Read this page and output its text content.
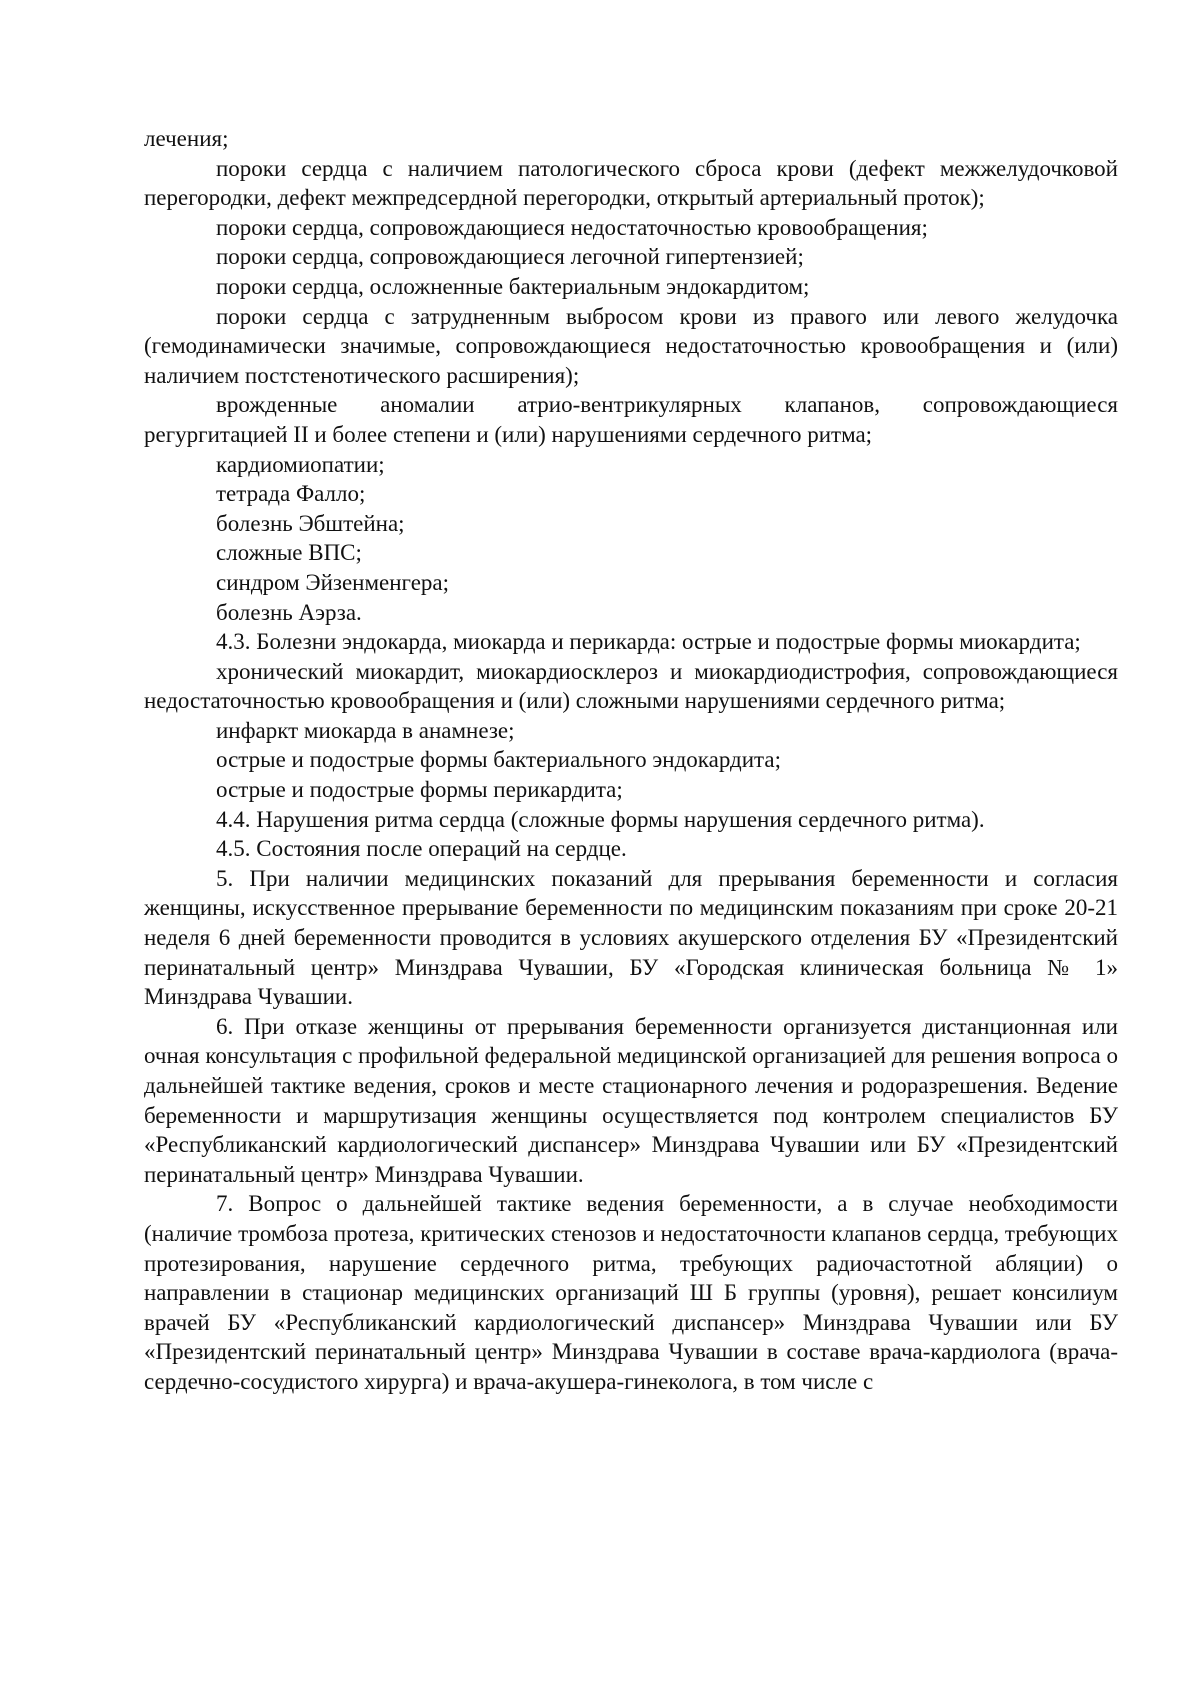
лечения;

пороки сердца с наличием патологического сброса крови (дефект межжелудочковой перегородки, дефект межпредсердной перегородки, открытый артериальный проток);

пороки сердца, сопровождающиеся недостаточностью кровообращения;

пороки сердца, сопровождающиеся легочной гипертензией;

пороки сердца, осложненные бактериальным эндокардитом;

пороки сердца с затрудненным выбросом крови из правого или левого желудочка (гемодинамически значимые, сопровождающиеся недостаточностью кровообращения и (или) наличием постстенотического расширения);

врожденные аномалии атрио-вентрикулярных клапанов, сопровождающиеся регургитацией II и более степени и (или) нарушениями сердечного ритма;

кардиомиопатии;

тетрада Фалло;

болезнь Эбштейна;

сложные ВПС;

синдром Эйзенменгера;

болезнь Аэрза.

4.3. Болезни эндокарда, миокарда и перикарда: острые и подострые формы миокардита;

хронический миокардит, миокардиосклероз и миокардиодистрофия, сопровождающиеся недостаточностью кровообращения и (или) сложными нарушениями сердечного ритма;

инфаркт миокарда в анамнезе;

острые и подострые формы бактериального эндокардита;

острые и подострые формы перикардита;

4.4. Нарушения ритма сердца (сложные формы нарушения сердечного ритма).

4.5. Состояния после операций на сердце.

5. При наличии медицинских показаний для прерывания беременности и согласия женщины, искусственное прерывание беременности по медицинским показаниям при сроке 20-21 неделя 6 дней беременности проводится в условиях акушерского отделения БУ «Президентский перинатальный центр» Минздрава Чувашии, БУ «Городская клиническая больница № 1» Минздрава Чувашии.

6. При отказе женщины от прерывания беременности организуется дистанционная или очная консультация с профильной федеральной медицинской организацией для решения вопроса о дальнейшей тактике ведения, сроков и месте стационарного лечения и родоразрешения. Ведение беременности и маршрутизация женщины осуществляется под контролем специалистов БУ «Республиканский кардиологический диспансер» Минздрава Чувашии или БУ «Президентский перинатальный центр» Минздрава Чувашии.

7. Вопрос о дальнейшей тактике ведения беременности, а в случае необходимости (наличие тромбоза протеза, критических стенозов и недостаточности клапанов сердца, требующих протезирования, нарушение сердечного ритма, требующих радиочастотной абляции) о направлении в стационар медицинских организаций Ш Б группы (уровня), решает консилиум врачей БУ «Республиканский кардиологический диспансер» Минздрава Чувашии или БУ «Президентский перинатальный центр» Минздрава Чувашии в составе врача-кардиолога (врача-сердечно-сосудистого хирурга) и врача-акушера-гинеколога, в том числе с
